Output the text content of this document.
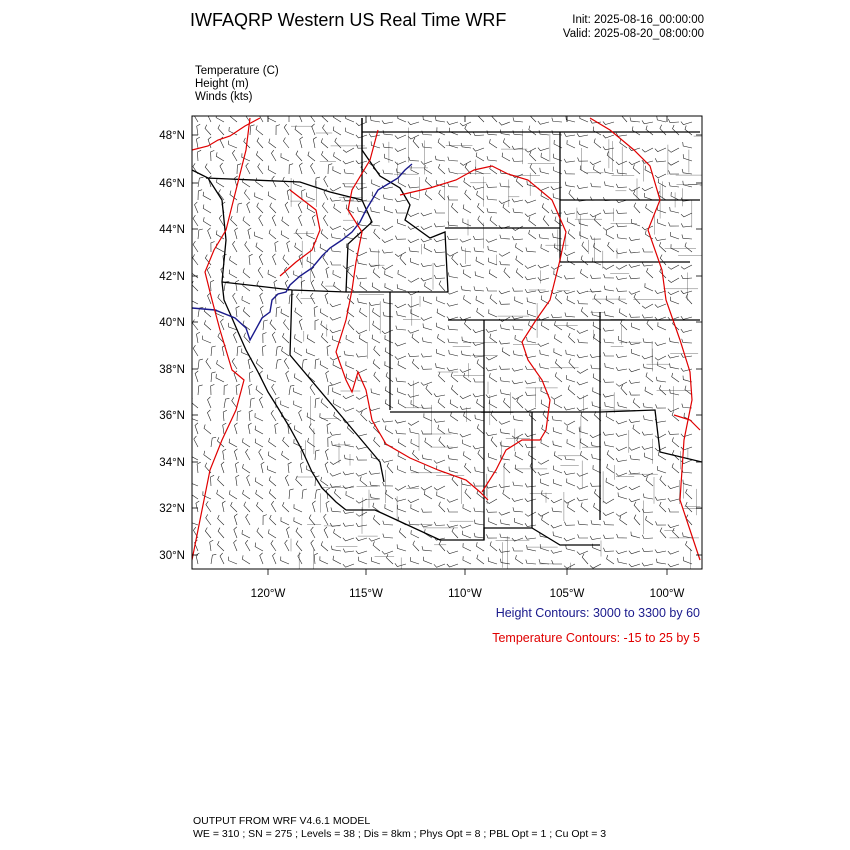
IWFAQRP Western US Real Time WRF	Init: 2025-08-16_00:00:00
Valid: 2025-08-20_08:00:00
Temperature (C)
Height (m)
Winds (kts)
48°N
46°N
44°N
42°N
40°N
38°N
36°N
34°N
32°N
30°N
120°W	115°W	110°W	105°W	100°W
Height Contours: 3000 to 3300 by 60
Temperature Contours: -15 to 25 by 5
OUTPUT FROM WRF V4.6.1 MODEL
WE = 310 ; SN = 275 ; Levels = 38 ; Dis = 8km ; Phys Opt = 8 ; PBL Opt = 1 ; Cu Opt = 3
